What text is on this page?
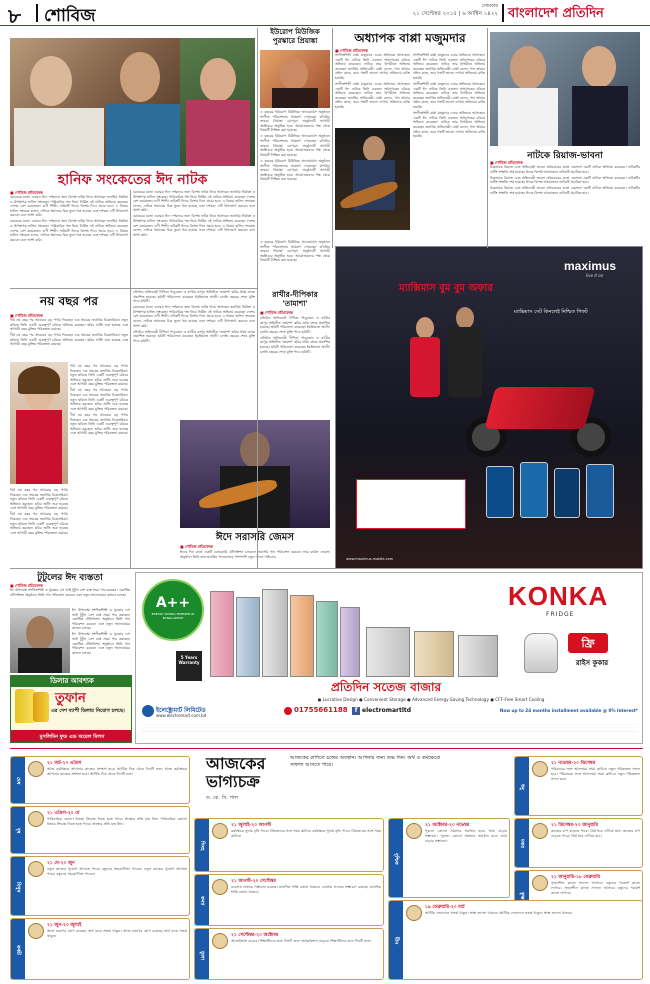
৮ শোবিজ	সোমবার
২১ সেপ্টেম্বর ২০১৫ | ৬ আশ্বিন ১৪২২ বাংলাদেশ প্রতিদিন
হানিফ সংকেতের ঈদ নাটক
■ শোবিজ প্রতিবেদক

বরাবরের মতো এবারও ঈদে দর্শকদের জন্য বিশেষ নাটক নিয়ে আসছেন জনপ্রিয় নির্মাতা ও উপস্থাপক হানিফ সংকেত। পারিবারিক গল্প নিয়ে নির্মিত এই নাটকে অভিনয় করেছেন দেশের বেশ কয়েকজন গুণী শিল্পী। নাটকটি ঈদের বিশেষ দিনে প্রচার হবে। এ বিষয়ে হানিফ সংকেত বলেন, নাটকে সমাজের চিত্র তুলে ধরা হয়েছে এবং দর্শকরা এটি উপভোগ করবেন বলে আশা করি।

বরাবরের মতো এবারও ঈদে দর্শকদের জন্য বিশেষ নাটক নিয়ে আসছেন জনপ্রিয় নির্মাতা ও উপস্থাপক হানিফ সংকেত। পারিবারিক গল্প নিয়ে নির্মিত এই নাটকে অভিনয় করেছেন দেশের বেশ কয়েকজন গুণী শিল্পী। নাটকটি ঈদের বিশেষ দিনে প্রচার হবে। এ বিষয়ে হানিফ সংকেত বলেন, নাটকে সমাজের চিত্র তুলে ধরা হয়েছে এবং দর্শকরা এটি উপভোগ করবেন বলে আশা করি।

বরাবরের মতো এবারও ঈদে দর্শকদের জন্য বিশেষ নাটক নিয়ে আসছেন জনপ্রিয় নির্মাতা ও উপস্থাপক হানিফ সংকেত। পারিবারিক গল্প নিয়ে নির্মিত এই নাটকে অভিনয় করেছেন দেশের বেশ কয়েকজন গুণী শিল্পী। নাটকটি ঈদের বিশেষ দিনে প্রচার হবে। এ বিষয়ে হানিফ সংকেত বলেন, নাটকে সমাজের চিত্র তুলে ধরা হয়েছে এবং দর্শকরা এটি উপভোগ করবেন বলে আশা করি।

বরাবরের মতো এবারও ঈদে দর্শকদের জন্য বিশেষ নাটক নিয়ে আসছেন জনপ্রিয় নির্মাতা ও উপস্থাপক হানিফ সংকেত। পারিবারিক গল্প নিয়ে নির্মিত এই নাটকে অভিনয় করেছেন দেশের বেশ কয়েকজন গুণী শিল্পী। নাটকটি ঈদের বিশেষ দিনে প্রচার হবে। এ বিষয়ে হানিফ সংকেত বলেন, নাটকে সমাজের চিত্র তুলে ধরা হয়েছে এবং দর্শকরা এটি উপভোগ করবেন বলে আশা করি।

ইউরোপ মিউজিক পুরস্কারে প্রিয়াঙ্কা

এ বছরের ইউরোপ মিউজিক অ্যাওয়ার্ডস অনুষ্ঠানে সংগীত পরিবেশনার আমন্ত্রণ পেয়েছেন বলিউড তারকা প্রিয়াঙ্কা চোপড়া। অনুষ্ঠানটি আগামী অক্টোবরে অনুষ্ঠিত হবে। আয়োজকদের পক্ষ থেকে বিষয়টি নিশ্চিত করা হয়েছে।

এ বছরের ইউরোপ মিউজিক অ্যাওয়ার্ডস অনুষ্ঠানে সংগীত পরিবেশনার আমন্ত্রণ পেয়েছেন বলিউড তারকা প্রিয়াঙ্কা চোপড়া। অনুষ্ঠানটি আগামী অক্টোবরে অনুষ্ঠিত হবে। আয়োজকদের পক্ষ থেকে বিষয়টি নিশ্চিত করা হয়েছে।

এ বছরের ইউরোপ মিউজিক অ্যাওয়ার্ডস অনুষ্ঠানে সংগীত পরিবেশনার আমন্ত্রণ পেয়েছেন বলিউড তারকা প্রিয়াঙ্কা চোপড়া। অনুষ্ঠানটি আগামী অক্টোবরে অনুষ্ঠিত হবে। আয়োজকদের পক্ষ থেকে বিষয়টি নিশ্চিত করা হয়েছে।

এ বছরের ইউরোপ মিউজিক অ্যাওয়ার্ডস অনুষ্ঠানে সংগীত পরিবেশনার আমন্ত্রণ পেয়েছেন বলিউড তারকা প্রিয়াঙ্কা চোপড়া। অনুষ্ঠানটি আগামী অক্টোবরে অনুষ্ঠিত হবে। আয়োজকদের পক্ষ থেকে বিষয়টি নিশ্চিত করা হয়েছে।

অধ্যাপক বাপ্পা মজুমদার
■ শোবিজ প্রতিবেদক

সংগীতশিল্পী বাপ্পা মজুমদার এবার অভিনয়ে আসছেন। একটি ঈদ নাটকে তিনি একজন অধ্যাপকের চরিত্রে অভিনয় করেছেন। নাটকে তার বিপরীতে অভিনয় করেছেন জনপ্রিয় অভিনেত্রী। বাপ্পা বলেন, গান আমার প্রধান কাজ, তবে গল্পটি ভালো লাগায় অভিনয়ে রাজি হয়েছি।

সংগীতশিল্পী বাপ্পা মজুমদার এবার অভিনয়ে আসছেন। একটি ঈদ নাটকে তিনি একজন অধ্যাপকের চরিত্রে অভিনয় করেছেন। নাটকে তার বিপরীতে অভিনয় করেছেন জনপ্রিয় অভিনেত্রী। বাপ্পা বলেন, গান আমার প্রধান কাজ, তবে গল্পটি ভালো লাগায় অভিনয়ে রাজি হয়েছি।

সংগীতশিল্পী বাপ্পা মজুমদার এবার অভিনয়ে আসছেন। একটি ঈদ নাটকে তিনি একজন অধ্যাপকের চরিত্রে অভিনয় করেছেন। নাটকে তার বিপরীতে অভিনয় করেছেন জনপ্রিয় অভিনেত্রী। বাপ্পা বলেন, গান আমার প্রধান কাজ, তবে গল্পটি ভালো লাগায় অভিনয়ে রাজি হয়েছি।

সংগীতশিল্পী বাপ্পা মজুমদার এবার অভিনয়ে আসছেন। একটি ঈদ নাটকে তিনি একজন অধ্যাপকের চরিত্রে অভিনয় করেছেন। নাটকে তার বিপরীতে অভিনয় করেছেন জনপ্রিয় অভিনেত্রী। বাপ্পা বলেন, গান আমার প্রধান কাজ, তবে গল্পটি ভালো লাগায় অভিনয়ে রাজি হয়েছি।

সংগীতশিল্পী বাপ্পা মজুমদার এবার অভিনয়ে আসছেন। একটি ঈদ নাটকে তিনি একজন অধ্যাপকের চরিত্রে অভিনয় করেছেন। নাটকে তার বিপরীতে অভিনয় করেছেন জনপ্রিয় অভিনেত্রী। বাপ্পা বলেন, গান আমার প্রধান কাজ, তবে গল্পটি ভালো লাগায় অভিনয়ে রাজি হয়েছি।

নাটকে রিয়াজ-ভাবনা
■ শোবিজ প্রতিবেদক

চিত্রনায়ক রিয়াজ এবং অভিনেত্রী ভাবনা প্রথমবারের মতো একসঙ্গে একটি নাটকে অভিনয় করেছেন। নাটকটির শুটিং সম্প্রতি শেষ হয়েছে। ঈদের বিশেষ আয়োজনে নাটকটি প্রচারিত হবে।

চিত্রনায়ক রিয়াজ এবং অভিনেত্রী ভাবনা প্রথমবারের মতো একসঙ্গে একটি নাটকে অভিনয় করেছেন। নাটকটির শুটিং সম্প্রতি শেষ হয়েছে। ঈদের বিশেষ আয়োজনে নাটকটি প্রচারিত হবে।

চিত্রনায়ক রিয়াজ এবং অভিনেত্রী ভাবনা প্রথমবারের মতো একসঙ্গে একটি নাটকে অভিনয় করেছেন। নাটকটির শুটিং সম্প্রতি শেষ হয়েছে। ঈদের বিশেষ আয়োজনে নাটকটি প্রচারিত হবে।

maximus
live it on
ম্যাক্সিমাস বুম বুম অফার
ম্যাক্সিমাস সেট কিনলেই নিশ্চিত গিফট
www.maximus-mobile.com
রাখীর-দীপিকার 'তামাশা'
■ শোবিজ প্রতিবেদক

বলিউড অভিনেত্রী দীপিকা পাড়ুকোন ও রণবীর কাপুর অভিনীত 'তামাশা' ছবির প্রথম ঝলক প্রকাশিত হয়েছে। ছবিটি পরিচালনা করেছেন ইমতিয়াজ আলী। চলতি বছরের শেষে মুক্তি পাবে ছবিটি।

বলিউড অভিনেত্রী দীপিকা পাড়ুকোন ও রণবীর কাপুর অভিনীত 'তামাশা' ছবির প্রথম ঝলক প্রকাশিত হয়েছে। ছবিটি পরিচালনা করেছেন ইমতিয়াজ আলী। চলতি বছরের শেষে মুক্তি পাবে ছবিটি।

বলিউড অভিনেত্রী দীপিকা পাড়ুকোন ও রণবীর কাপুর অভিনীত 'তামাশা' ছবির প্রথম ঝলক প্রকাশিত হয়েছে। ছবিটি পরিচালনা করেছেন ইমতিয়াজ আলী। চলতি বছরের শেষে মুক্তি পাবে ছবিটি।

বরাবরের মতো এবারও ঈদে দর্শকদের জন্য বিশেষ নাটক নিয়ে আসছেন জনপ্রিয় নির্মাতা ও উপস্থাপক হানিফ সংকেত। পারিবারিক গল্প নিয়ে নির্মিত এই নাটকে অভিনয় করেছেন দেশের বেশ কয়েকজন গুণী শিল্পী। নাটকটি ঈদের বিশেষ দিনে প্রচার হবে। এ বিষয়ে হানিফ সংকেত বলেন, নাটকে সমাজের চিত্র তুলে ধরা হয়েছে এবং দর্শকরা এটি উপভোগ করবেন বলে আশা করি।

বলিউড অভিনেত্রী দীপিকা পাড়ুকোন ও রণবীর কাপুর অভিনীত 'তামাশা' ছবির প্রথম ঝলক প্রকাশিত হয়েছে। ছবিটি পরিচালনা করেছেন ইমতিয়াজ আলী। চলতি বছরের শেষে মুক্তি পাবে ছবিটি।

ঈদে সরাসরি জেমস
■ শোবিজ প্রতিবেদক

ঈদের দিন রাতে একটি বেসরকারি টেলিভিশন চ্যানেলে সরাসরি গান পরিবেশন করবেন নগর বাউল জেমস। অনুষ্ঠানে তিনি তার জনপ্রিয় গানগুলোর পাশাপাশি নতুন গানও গাইবেন।

নয় বছর পর
■ শোবিজ প্রতিবেদক

দীর্ঘ নয় বছর পর আবারও বড় পর্দায় ফিরছেন এক সময়ের জনপ্রিয় চিত্রনায়িকা। নতুন ছবিতে তিনি একটি গুরুত্বপূর্ণ চরিত্রে অভিনয় করছেন। ছবির শুটিং শুরু হয়েছে এবং আগামী বছর মুক্তির পরিকল্পনা রয়েছে।

দীর্ঘ নয় বছর পর আবারও বড় পর্দায় ফিরছেন এক সময়ের জনপ্রিয় চিত্রনায়িকা। নতুন ছবিতে তিনি একটি গুরুত্বপূর্ণ চরিত্রে অভিনয় করছেন। ছবির শুটিং শুরু হয়েছে এবং আগামী বছর মুক্তির পরিকল্পনা রয়েছে।

দীর্ঘ নয় বছর পর আবারও বড় পর্দায় ফিরছেন এক সময়ের জনপ্রিয় চিত্রনায়িকা। নতুন ছবিতে তিনি একটি গুরুত্বপূর্ণ চরিত্রে অভিনয় করছেন। ছবির শুটিং শুরু হয়েছে এবং আগামী বছর মুক্তির পরিকল্পনা রয়েছে।

দীর্ঘ নয় বছর পর আবারও বড় পর্দায় ফিরছেন এক সময়ের জনপ্রিয় চিত্রনায়িকা। নতুন ছবিতে তিনি একটি গুরুত্বপূর্ণ চরিত্রে অভিনয় করছেন। ছবির শুটিং শুরু হয়েছে এবং আগামী বছর মুক্তির পরিকল্পনা রয়েছে।

দীর্ঘ নয় বছর পর আবারও বড় পর্দায় ফিরছেন এক সময়ের জনপ্রিয় চিত্রনায়িকা। নতুন ছবিতে তিনি একটি গুরুত্বপূর্ণ চরিত্রে অভিনয় করছেন। ছবির শুটিং শুরু হয়েছে এবং আগামী বছর মুক্তির পরিকল্পনা রয়েছে।

দীর্ঘ নয় বছর পর আবারও বড় পর্দায় ফিরছেন এক সময়ের জনপ্রিয় চিত্রনায়িকা। নতুন ছবিতে তিনি একটি গুরুত্বপূর্ণ চরিত্রে অভিনয় করছেন। ছবির শুটিং শুরু হয়েছে এবং আগামী বছর মুক্তির পরিকল্পনা রয়েছে।

দীর্ঘ নয় বছর পর আবারও বড় পর্দায় ফিরছেন এক সময়ের জনপ্রিয় চিত্রনায়িকা। নতুন ছবিতে তিনি একটি গুরুত্বপূর্ণ চরিত্রে অভিনয় করছেন। ছবির শুটিং শুরু হয়েছে এবং আগামী বছর মুক্তির পরিকল্পনা রয়েছে।

টুটুলের ঈদ ব্যস্ততা
■ শোবিজ প্রতিবেদক

ঈদ উপলক্ষে সংগীতশিল্পী ও সুরকার এস আই টুটুল বেশ ব্যস্ত সময় পার করছেন। একাধিক টেলিভিশন অনুষ্ঠানে তিনি গান পরিবেশন করবেন এবং নতুন অ্যালবামের কাজও চলছে।

ঈদ উপলক্ষে সংগীতশিল্পী ও সুরকার এস আই টুটুল বেশ ব্যস্ত সময় পার করছেন। একাধিক টেলিভিশন অনুষ্ঠানে তিনি গান পরিবেশন করবেন এবং নতুন অ্যালবামের কাজও চলছে।

ঈদ উপলক্ষে সংগীতশিল্পী ও সুরকার এস আই টুটুল বেশ ব্যস্ত সময় পার করছেন। একাধিক টেলিভিশন অনুষ্ঠানে তিনি গান পরিবেশন করবেন এবং নতুন অ্যালবামের কাজও চলছে।

ডিলার আবশ্যক
তুফান
এর দেশ ব্যাপী ডিলার নিয়োগ চলছে।
মুসলিমিন ফুড এন্ড অয়েল মিলস
KONKA
FRIDGE
A++
ENERGY RATING FREEZER IN BANGLADESH
5 Years Warranty
প্রতিদিন সতেজ বাজার
ফ্রি
রাইস কুকার
● Lucrative Design ● Convenient Storage ● Advanced Energy Saving Technology ● CFF-Free Smart Cooling
ইলেক্ট্রোমার্ট লিমিটেড
www.electromart.com.bd
01755661188	f electromartltd	Now up to 24 months installment available @ 0% Interest*
আজকের ভাগ্যচক্র
ড. কে. সি. পাল

আজকের রাশিতে চন্দ্রের অবস্থান। আপনার জন্য শুভ দিন। অর্থ ও কর্মক্ষেত্রে সাফল্য আসতে পারে।

মেষ
২১ মার্চ-২০ এপ্রিল
আজ কর্মক্ষেত্রে আপনার কাজের প্রশংসা হবে। আর্থিক দিক থেকে দিনটি শুভ। আজ কর্মক্ষেত্রে আপনার কাজের প্রশংসা হবে। আর্থিক দিক থেকে দিনটি শুভ।
বৃষ
২১ এপ্রিল-২০ মে
পারিবারিক কোনো বিষয়ে সিদ্ধান্ত নিতে হতে পারে। স্বাস্থ্যের প্রতি যত্ন নিন। পারিবারিক কোনো বিষয়ে সিদ্ধান্ত নিতে হতে পারে। স্বাস্থ্যের প্রতি যত্ন নিন।
মিথুন
২১ মে-২০ জুন
নতুন কাজের সুযোগ আসতে পারে। বন্ধুদের সহযোগিতা পাবেন। নতুন কাজের সুযোগ আসতে পারে। বন্ধুদের সহযোগিতা পাবেন।
কর্কট
২১ জুন-২০ জুলাই
আজ ভ্রমণের যোগ রয়েছে। অর্থ ব্যয়ে সতর্ক থাকুন। আজ ভ্রমণের যোগ রয়েছে। অর্থ ব্যয়ে সতর্ক থাকুন।
সিংহ
২১ জুলাই-২০ আগস্ট
কর্মক্ষেত্রে সুনাম বৃদ্ধি পাবে। প্রিয়জনের সঙ্গে সময় কাটবে। কর্মক্ষেত্রে সুনাম বৃদ্ধি পাবে। প্রিয়জনের সঙ্গে সময় কাটবে।
কন্যা
২১ আগস্ট-২০ সেপ্টেম্বর
ব্যবসায় লাভের সম্ভাবনা রয়েছে। মানসিক শান্তি বজায় থাকবে। ব্যবসায় লাভের সম্ভাবনা রয়েছে। মানসিক শান্তি বজায় থাকবে।
তুলা
২১ সেপ্টেম্বর-২০ অক্টোবর
আত্মবিশ্বাস বাড়বে। শিক্ষার্থীদের জন্য দিনটি শুভ। আত্মবিশ্বাস বাড়বে। শিক্ষার্থীদের জন্য দিনটি শুভ।
বৃশ্চিক
২১ অক্টোবর-২০ নভেম্বর
পুরনো কোনো সমস্যার সমাধান হবে। আয় বাড়ার সম্ভাবনা। পুরনো কোনো সমস্যার সমাধান হবে। আয় বাড়ার সম্ভাবনা।
ধনু
২১ নভেম্বর-২০ ডিসেম্বর
পরিবারের সঙ্গে আনন্দময় সময় কাটবে। নতুন পরিকল্পনা সফল হবে। পরিবারের সঙ্গে আনন্দময় সময় কাটবে। নতুন পরিকল্পনা সফল হবে।
মকর
২১ ডিসেম্বর-২০ জানুয়ারি
কাজের চাপ বাড়তে পারে। ধৈর্য ধরে এগিয়ে যান। কাজের চাপ বাড়তে পারে। ধৈর্য ধরে এগিয়ে যান।
কুম্ভ
২১ জানুয়ারি-১৮ ফেব্রুয়ারি
সৃজনশীল কাজে সাফল্য আসবে। বন্ধুদের পরামর্শ কাজে লাগবে। সৃজনশীল কাজে সাফল্য আসবে। বন্ধুদের পরামর্শ কাজে লাগবে।
মীন
১৯ ফেব্রুয়ারি-২০ মার্চ
আর্থিক লেনদেনে সতর্ক থাকুন। স্বাস্থ্য ভালো থাকবে। আর্থিক লেনদেনে সতর্ক থাকুন। স্বাস্থ্য ভালো থাকবে।
